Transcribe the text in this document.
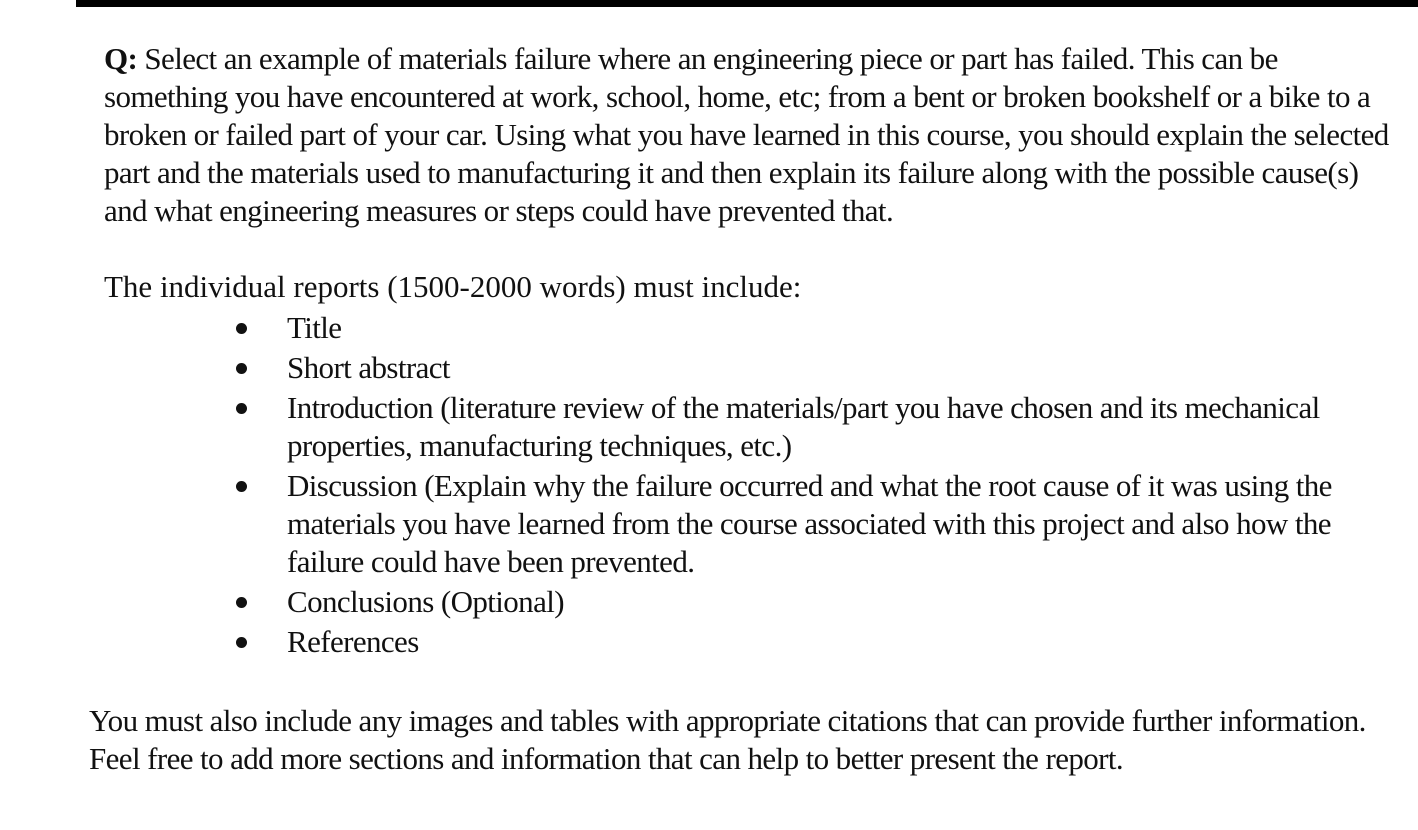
Q: Select an example of materials failure where an engineering piece or part has failed. This can be something you have encountered at work, school, home, etc; from a bent or broken bookshelf or a bike to a broken or failed part of your car. Using what you have learned in this course, you should explain the selected part and the materials used to manufacturing it and then explain its failure along with the possible cause(s) and what engineering measures or steps could have prevented that.

The individual reports (1500-2000 words) must include:

Title
Short abstract
Introduction (literature review of the materials/part you have chosen and its mechanical properties, manufacturing techniques, etc.)
Discussion (Explain why the failure occurred and what the root cause of it was using the materials you have learned from the course associated with this project and also how the failure could have been prevented.
Conclusions (Optional)
References

You must also include any images and tables with appropriate citations that can provide further information. Feel free to add more sections and information that can help to better present the report.
